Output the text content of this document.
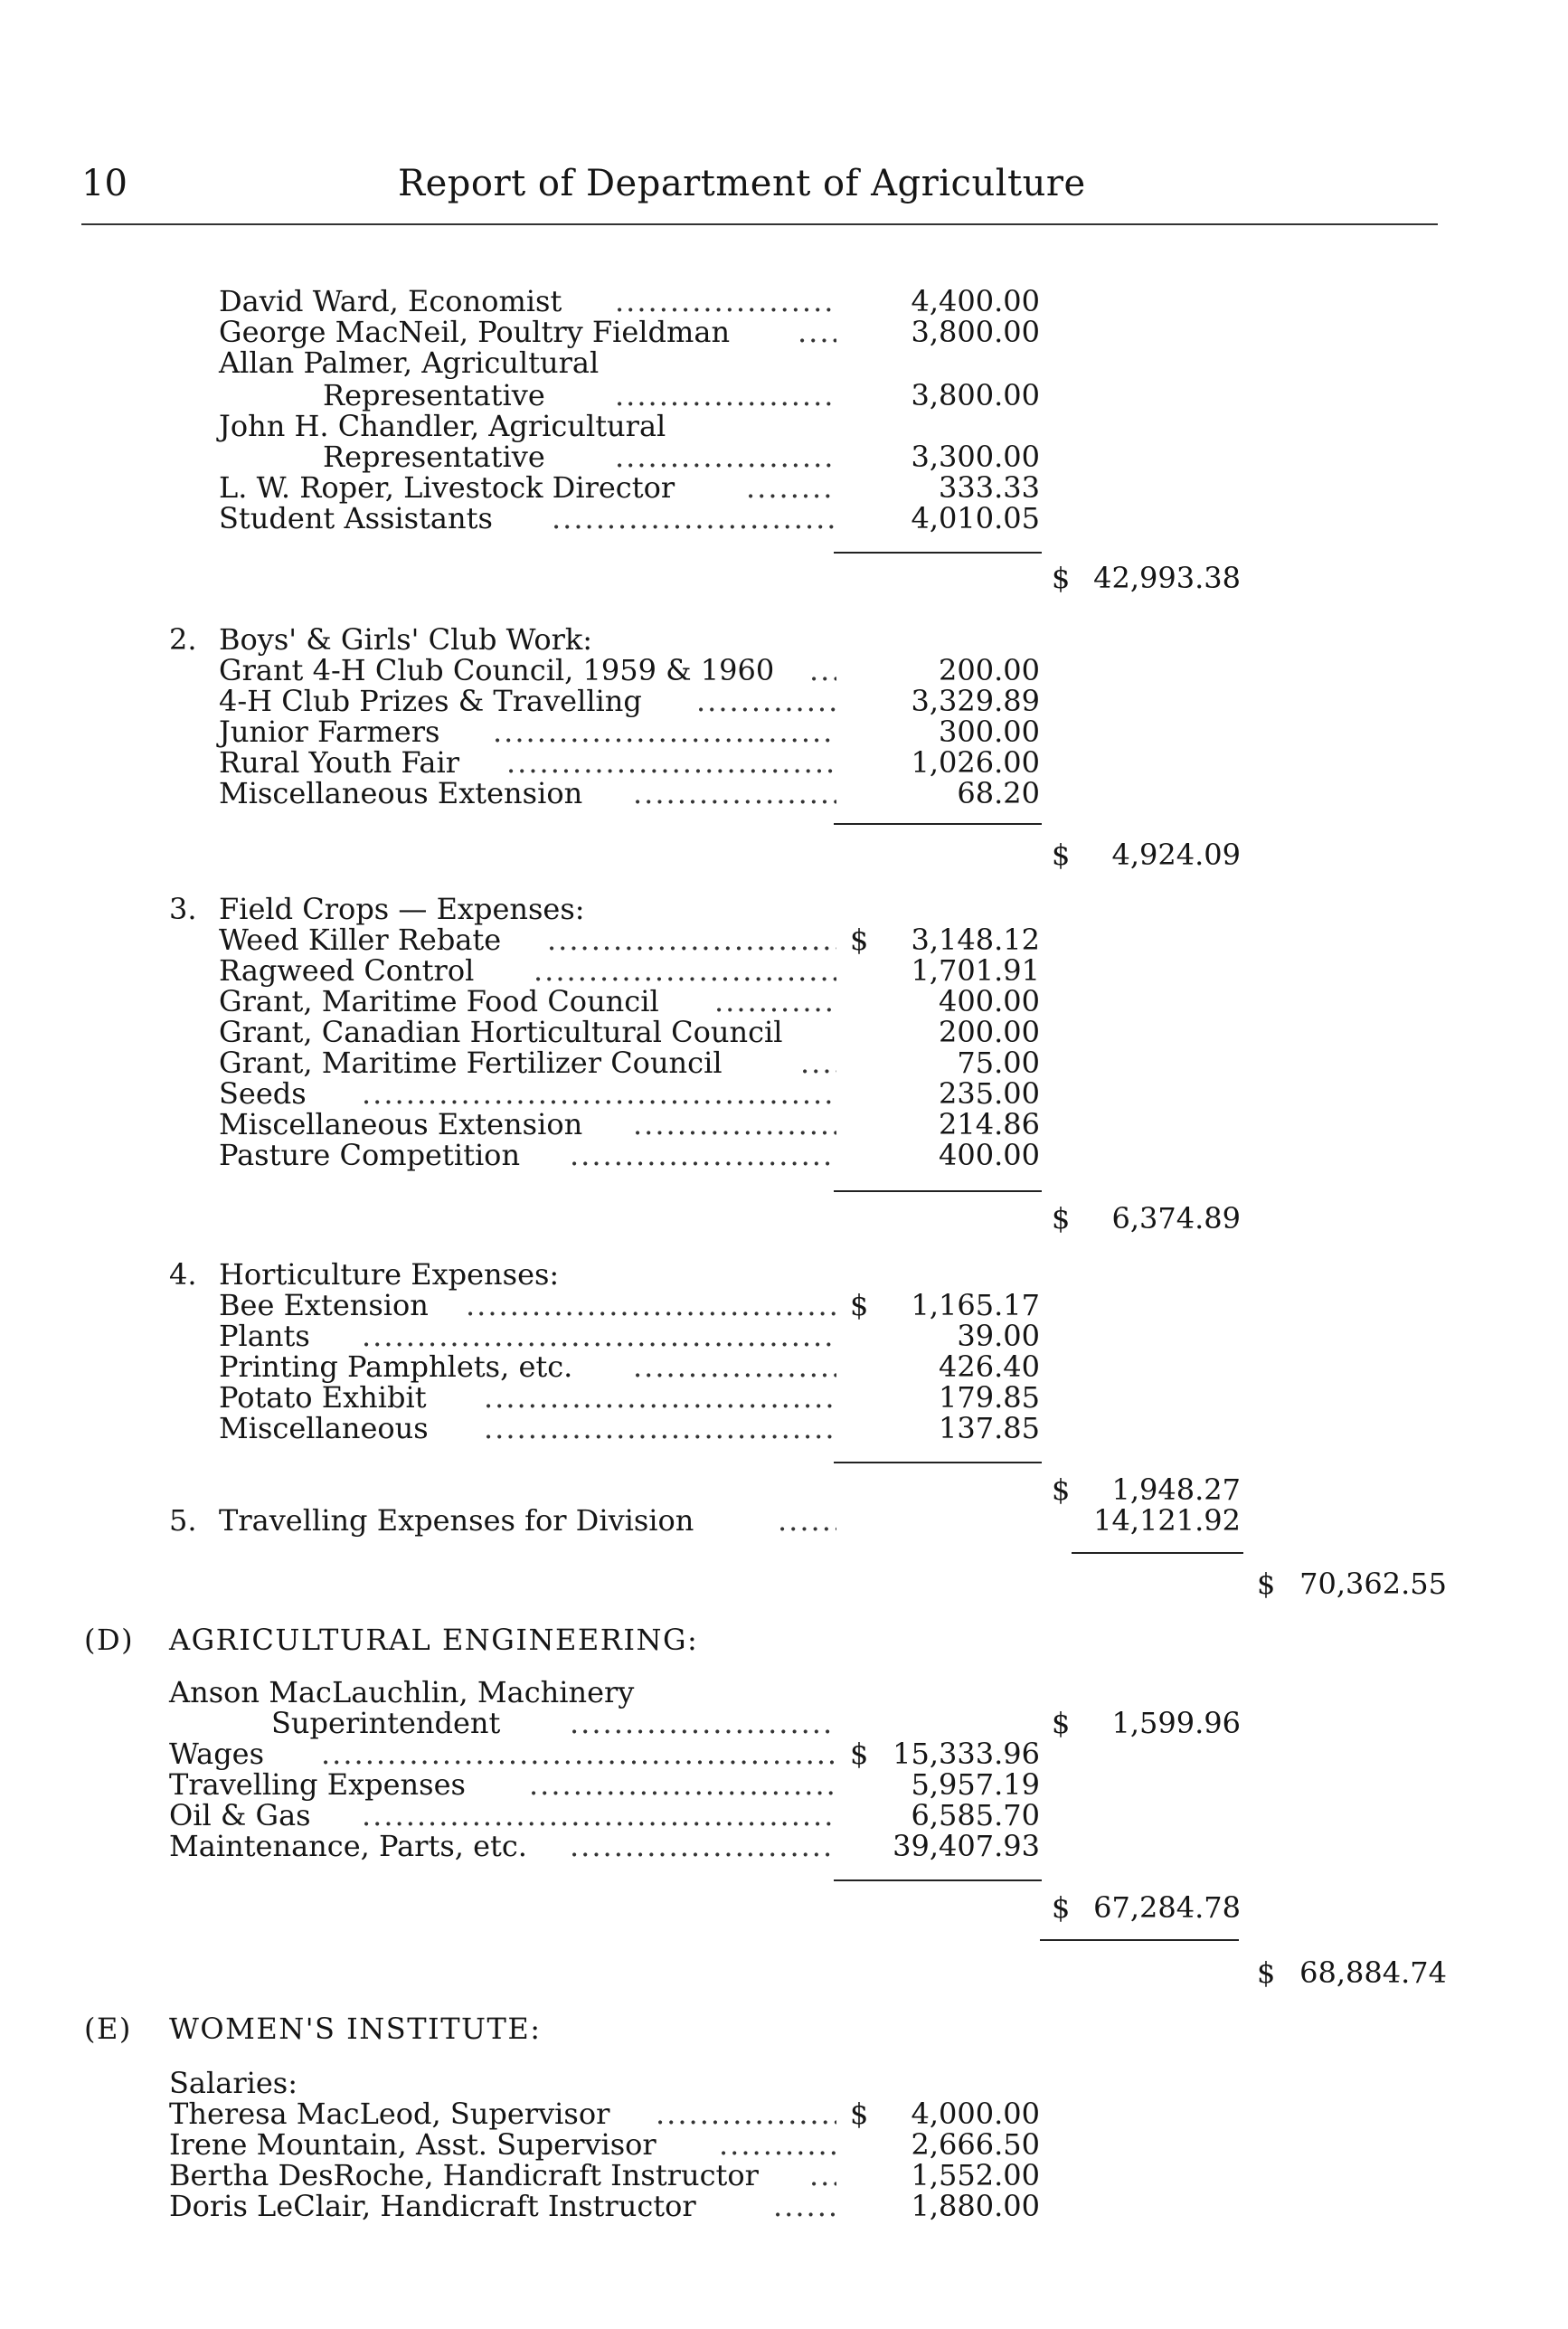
10	Report of Department of Agriculture
David Ward, Economist .....	4,400.00
George MacNeil, Poultry Fieldman .....	3,800.00
Allan Palmer, Agricultural
Representative .....	3,800.00
John H. Chandler, Agricultural
Representative .....	3,300.00
L. W. Roper, Livestock Director .....	333.33
Student Assistants .....	4,010.05
$ 42,993.38
2. Boys' & Girls' Club Work:
Grant 4-H Club Council, 1959 & 1960 .....	200.00
4-H Club Prizes & Travelling .....	3,329.89
Junior Farmers .....	300.00
Rural Youth Fair .....	1,026.00
Miscellaneous Extension .....	68.20
$	4,924.09
3. Field Crops — Expenses:
Weed Killer Rebate .....	$	3,148.12
Ragweed Control .....	1,701.91
Grant, Maritime Food Council .....	400.00
Grant, Canadian Horticultural Council	200.00
Grant, Maritime Fertilizer Council .....	75.00
Seeds .....	235.00
Miscellaneous Extension .....	214.86
Pasture Competition .....	400.00
$	6,374.89
4. Horticulture Expenses:
Bee Extension .....	$	1,165.17
Plants .....	39.00
Printing Pamphlets, etc. .....	426.40
Potato Exhibit .....	179.85
Miscellaneous .....	137.85
$	1,948.27
5. Travelling Expenses for Division .....	14,121.92
$ 70,362.55
(D) AGRICULTURAL ENGINEERING:
Anson MacLauchlin, Machinery
Superintendent .....	$	1,599.96
Wages .....	$ 15,333.96
Travelling Expenses .....	5,957.19
Oil & Gas .....	6,585.70
Maintenance, Parts, etc. .....	39,407.93
$ 67,284.78
$ 68,884.74
(E) WOMEN'S INSTITUTE:
Salaries:
Theresa MacLeod, Supervisor .....	$	4,000.00
Irene Mountain, Asst. Supervisor .....	2,666.50
Bertha DesRoche, Handicraft Instructor .....	1,552.00
Doris LeClair, Handicraft Instructor .....	1,880.00
